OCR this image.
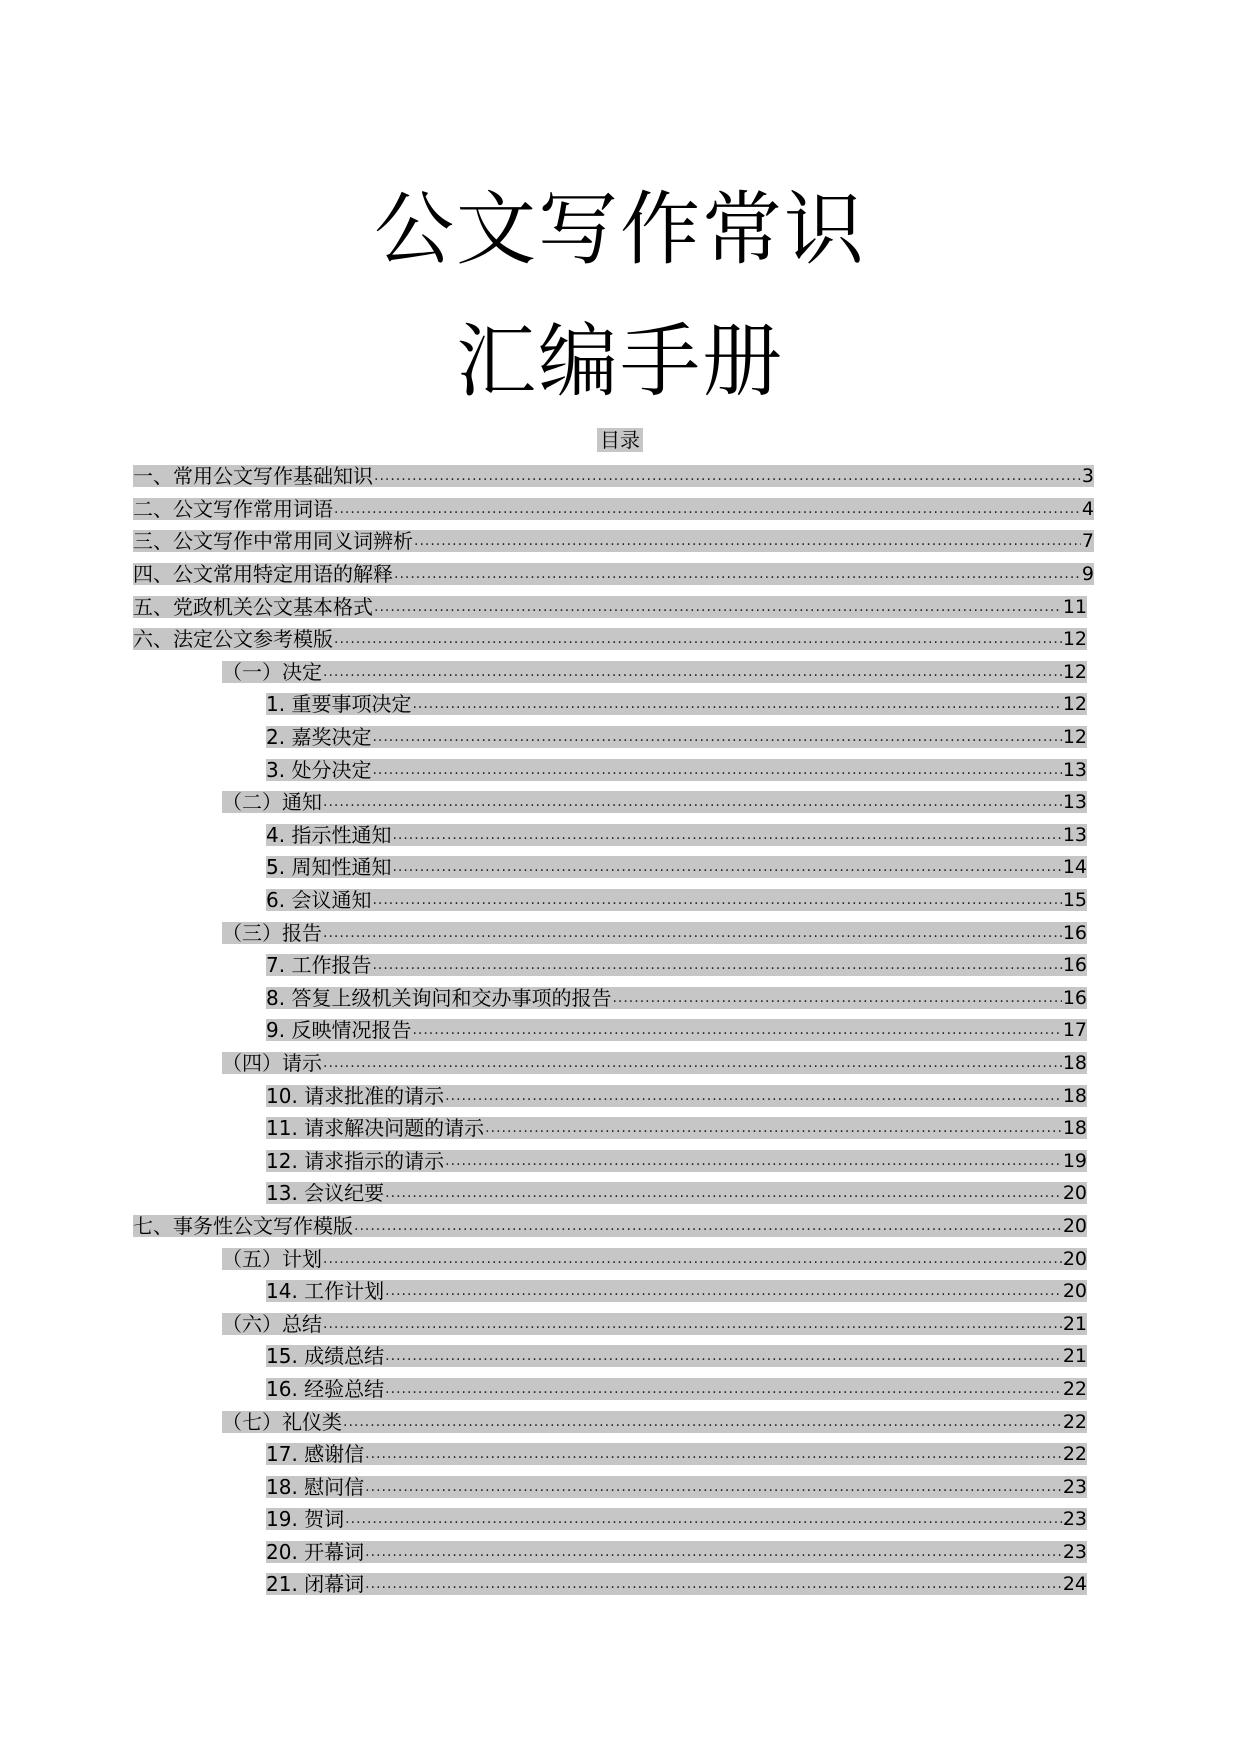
公文写作常识
汇编手册
目录
一、常用公文写作基础知识 .....	3
二、公文写作常用词语 .....	4
三、公文写作中常用同义词辨析 .....	7
四、公文常用特定用语的解释 .....	9
五、党政机关公文基本格式 .....	11
六、法定公文参考模版 .....	12
（一）决定 .....	12
1. 重要事项决定 .....	12
2. 嘉奖决定 .....	12
3. 处分决定 .....	13
（二）通知 .....	13
4. 指示性通知 .....	13
5. 周知性通知 .....	14
6. 会议通知 .....	15
（三）报告 .....	16
7. 工作报告 .....	16
8. 答复上级机关询问和交办事项的报告 .....	16
9. 反映情况报告 .....	17
（四）请示 .....	18
10. 请求批准的请示 .....	18
11. 请求解决问题的请示 .....	18
12. 请求指示的请示 .....	19
13. 会议纪要 .....	20
七、事务性公文写作模版 .....	20
（五）计划 .....	20
14. 工作计划 .....	20
（六）总结 .....	21
15. 成绩总结 .....	21
16. 经验总结 .....	22
（七）礼仪类 .....	22
17. 感谢信 .....	22
18. 慰问信 .....	23
19. 贺词 .....	23
20. 开幕词 .....	23
21. 闭幕词 .....	24
